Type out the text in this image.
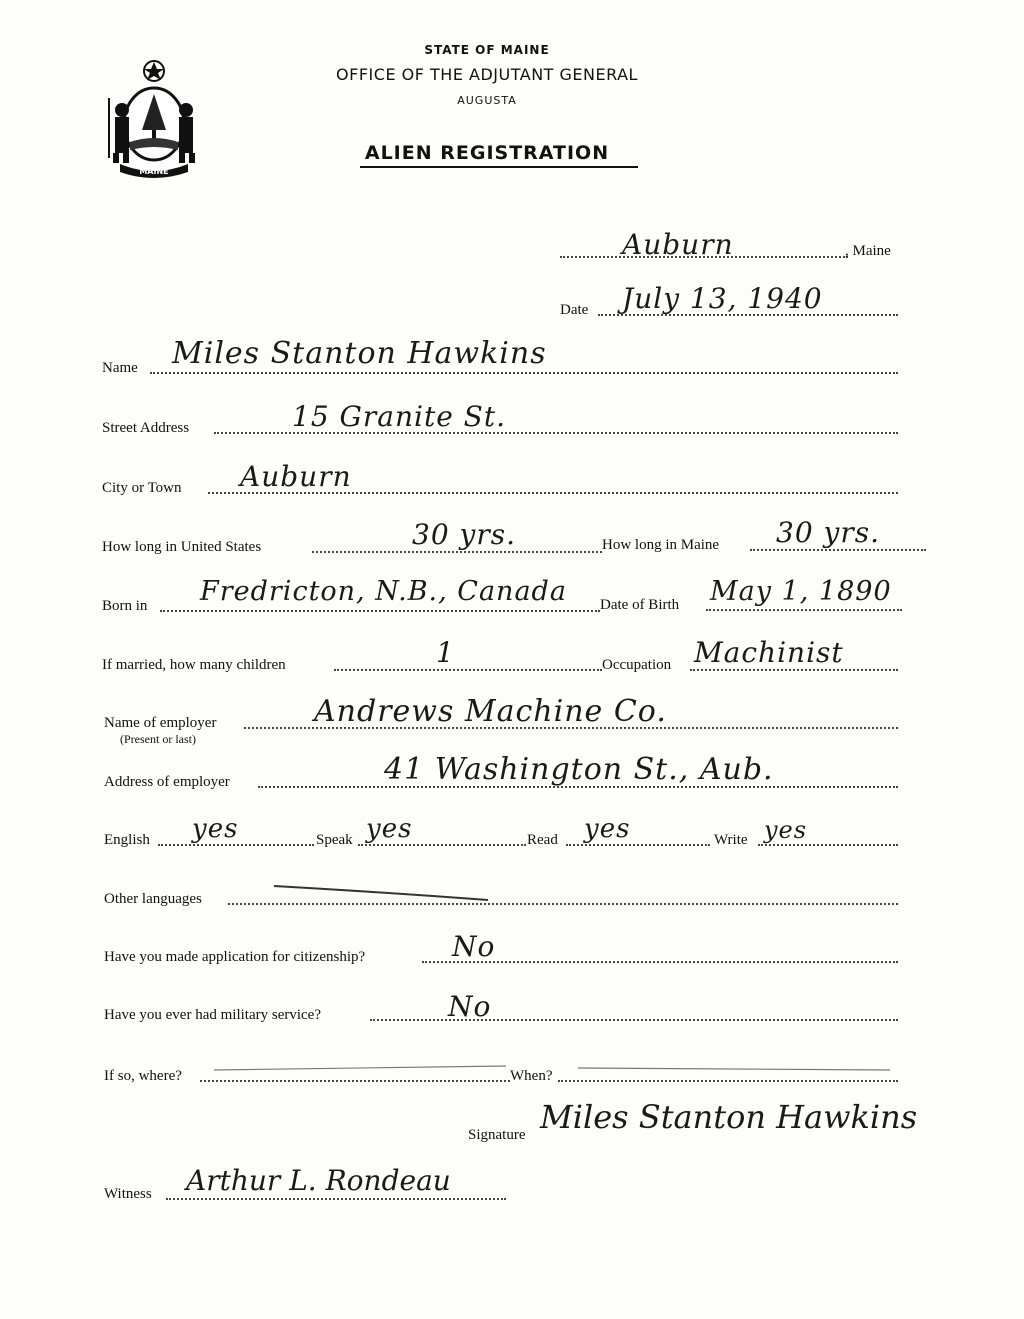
MAINE
STATE OF MAINE
OFFICE OF THE ADJUTANT GENERAL
AUGUSTA
ALIEN REGISTRATION
Auburn	, Maine
Date July 13, 1940
Name Miles Stanton Hawkins
Street Address	15 Granite St.
City or Town Auburn
How long in United States	30 yrs.	How long in Maine 30 yrs.
Born in Fredricton, N.B., Canada Date of Birth May 1, 1890
If married, how many children	1	Occupation Machinist
Name of employer
(Present or last)
Andrews Machine Co.
Address of employer	41 Washington St., Aub.
English yes	Speak yes	Read yes	Write yes
Other languages
Have you made application for citizenship?	No
Have you ever had military service?	No
If so, where?	When?
Signature Miles Stanton Hawkins
Witness Arthur L. Rondeau
